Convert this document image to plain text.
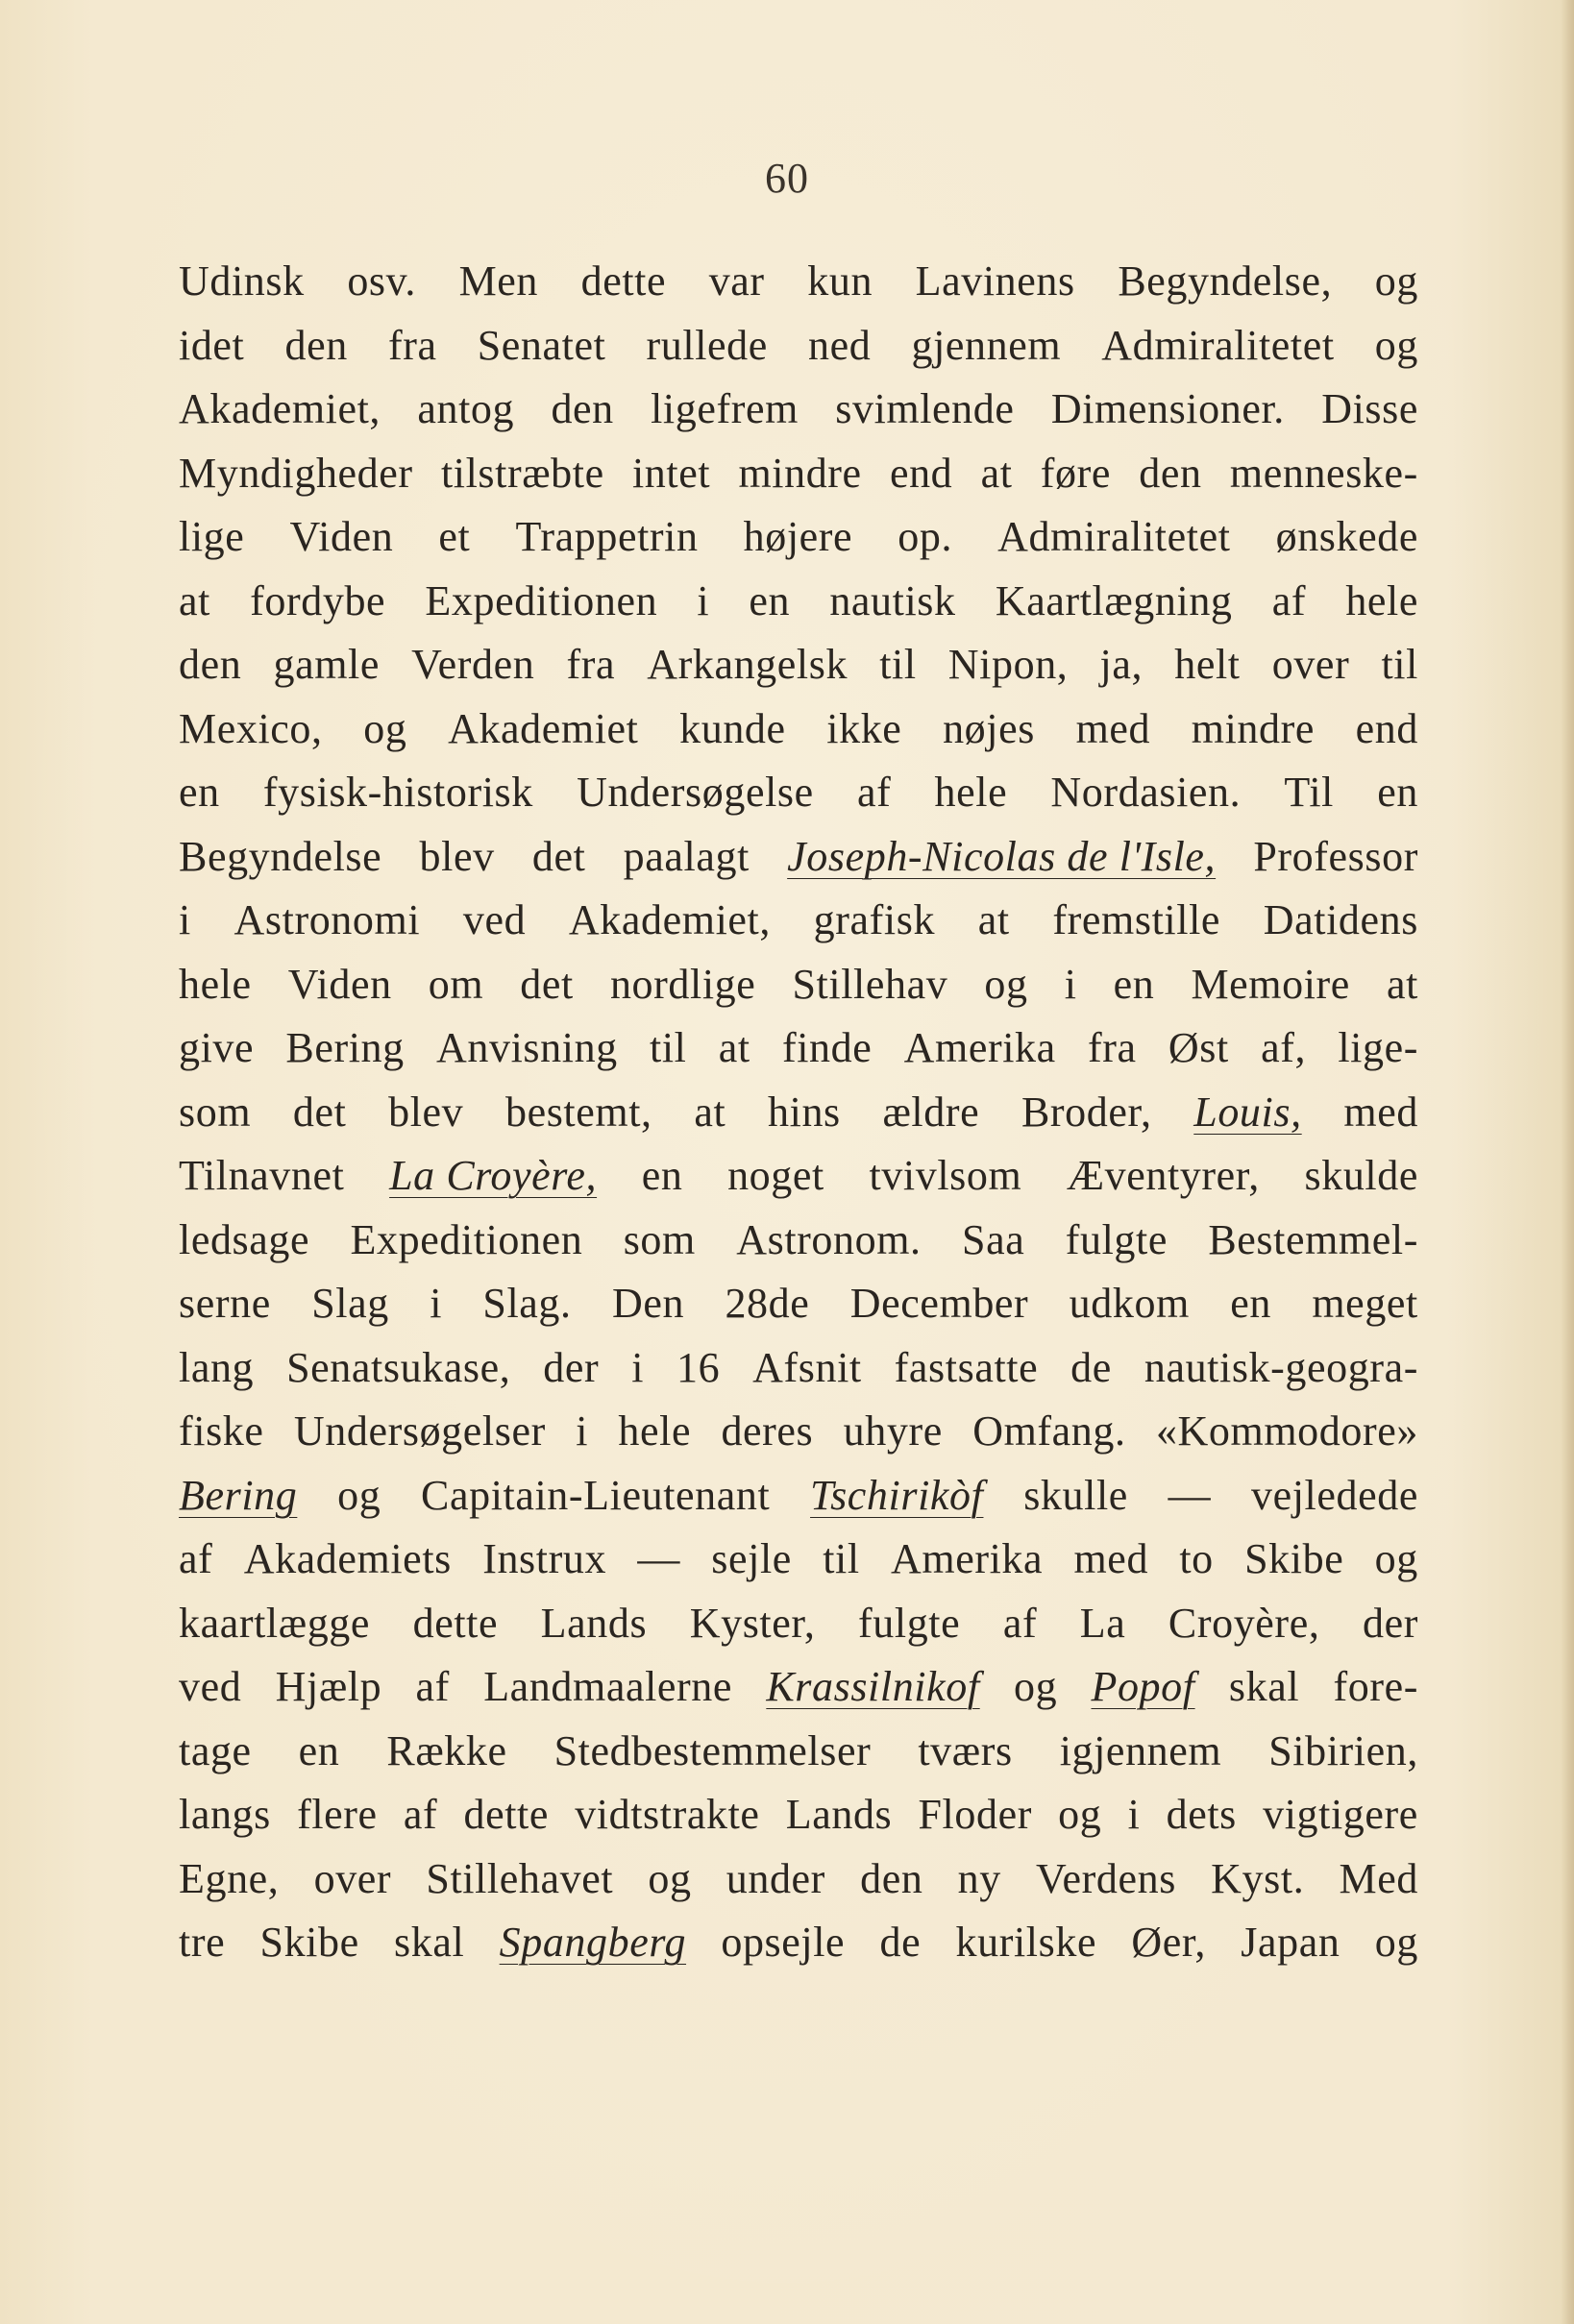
60
Udinsk osv. Men dette var kun Lavinens Begyndelse, og
idet den fra Senatet rullede ned gjennem Admiralitetet og
Akademiet, antog den ligefrem svimlende Dimensioner. Disse
Myndigheder tilstræbte intet mindre end at føre den menneske-
lige Viden et Trappetrin højere op. Admiralitetet ønskede
at fordybe Expeditionen i en nautisk Kaartlægning af hele
den gamle Verden fra Arkangelsk til Nipon, ja, helt over til
Mexico, og Akademiet kunde ikke nøjes med mindre end
en fysisk-historisk Undersøgelse af hele Nordasien. Til en
Begyndelse blev det paalagt Joseph-Nicolas de l'Isle, Professor
i Astronomi ved Akademiet, grafisk at fremstille Datidens
hele Viden om det nordlige Stillehav og i en Memoire at
give Bering Anvisning til at finde Amerika fra Øst af, lige-
som det blev bestemt, at hins ældre Broder, Louis, med
Tilnavnet La Croyère, en noget tvivlsom Æventyrer, skulde
ledsage Expeditionen som Astronom. Saa fulgte Bestemmel-
serne Slag i Slag. Den 28de December udkom en meget
lang Senatsukase, der i 16 Afsnit fastsatte de nautisk-geogra-
fiske Undersøgelser i hele deres uhyre Omfang. «Kommodore»
Bering og Capitain-Lieutenant Tschirikòf skulle — vejledede
af Akademiets Instrux — sejle til Amerika med to Skibe og
kaartlægge dette Lands Kyster, fulgte af La Croyère, der
ved Hjælp af Landmaalerne Krassilnikof og Popof skal fore-
tage en Række Stedbestemmelser tværs igjennem Sibirien,
langs flere af dette vidtstrakte Lands Floder og i dets vigtigere
Egne, over Stillehavet og under den ny Verdens Kyst. Med
tre Skibe skal Spangberg opsejle de kurilske Øer, Japan og
